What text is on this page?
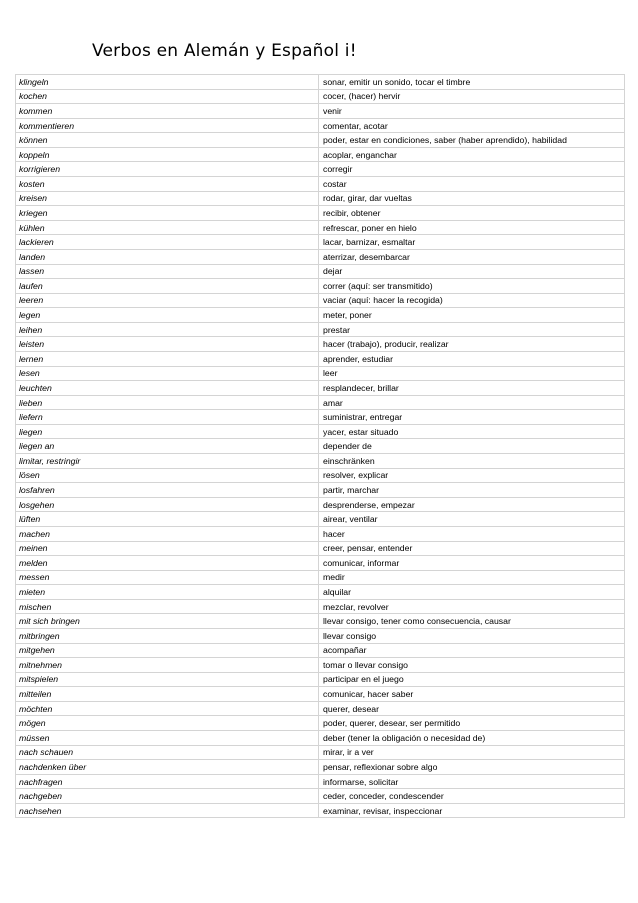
Verbos en Alemán y Español i!
klingeln	sonar, emitir un sonido, tocar el timbre
kochen	cocer, (hacer) hervir
kommen	venir
kommentieren	comentar, acotar
können	poder, estar en condiciones, saber (haber aprendido), habilidad
koppeln	acoplar, enganchar
korrigieren	corregir
kosten	costar
kreisen	rodar, girar, dar vueltas
kriegen	recibir, obtener
kühlen	refrescar, poner en hielo
lackieren	lacar, barnizar, esmaltar
landen	aterrizar, desembarcar
lassen	dejar
laufen	correr (aquí: ser transmitido)
leeren	vaciar (aquí: hacer la recogida)
legen	meter, poner
leihen	prestar
leisten	hacer (trabajo), producir, realizar
lernen	aprender, estudiar
lesen	leer
leuchten	resplandecer, brillar
lieben	amar
liefern	suministrar, entregar
liegen	yacer, estar situado
liegen an	depender de
limitar, restringir	einschränken
lösen	resolver, explicar
losfahren	partir, marchar
losgehen	desprenderse, empezar
lüften	airear, ventilar
machen	hacer
meinen	creer, pensar, entender
melden	comunicar, informar
messen	medir
mieten	alquilar
mischen	mezclar, revolver
mit sich bringen	llevar consigo, tener como consecuencia, causar
mitbringen	llevar consigo
mitgehen	acompañar
mitnehmen	tomar o llevar consigo
mitspielen	participar en el juego
mitteilen	comunicar, hacer saber
möchten	querer, desear
mögen	poder, querer, desear, ser permitido
müssen	deber (tener la obligación o necesidad de)
nach schauen	mirar, ir a ver
nachdenken über	pensar, reflexionar sobre algo
nachfragen	informarse, solicitar
nachgeben	ceder, conceder, condescender
nachsehen	examinar, revisar, inspeccionar
